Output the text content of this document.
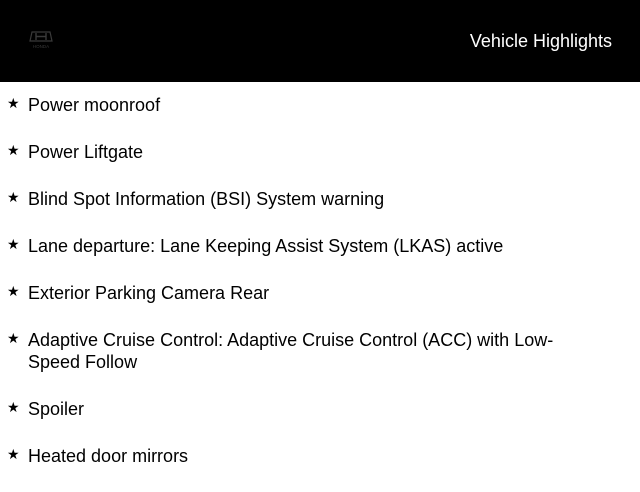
HONDA	Vehicle Highlights
★ Power moonroof
★ Power Liftgate
★ Blind Spot Information (BSI) System warning
★ Lane departure: Lane Keeping Assist System (LKAS) active
★ Exterior Parking Camera Rear
★ Adaptive Cruise Control: Adaptive Cruise Control (ACC) with Low-Speed Follow
★ Spoiler
★ Heated door mirrors
